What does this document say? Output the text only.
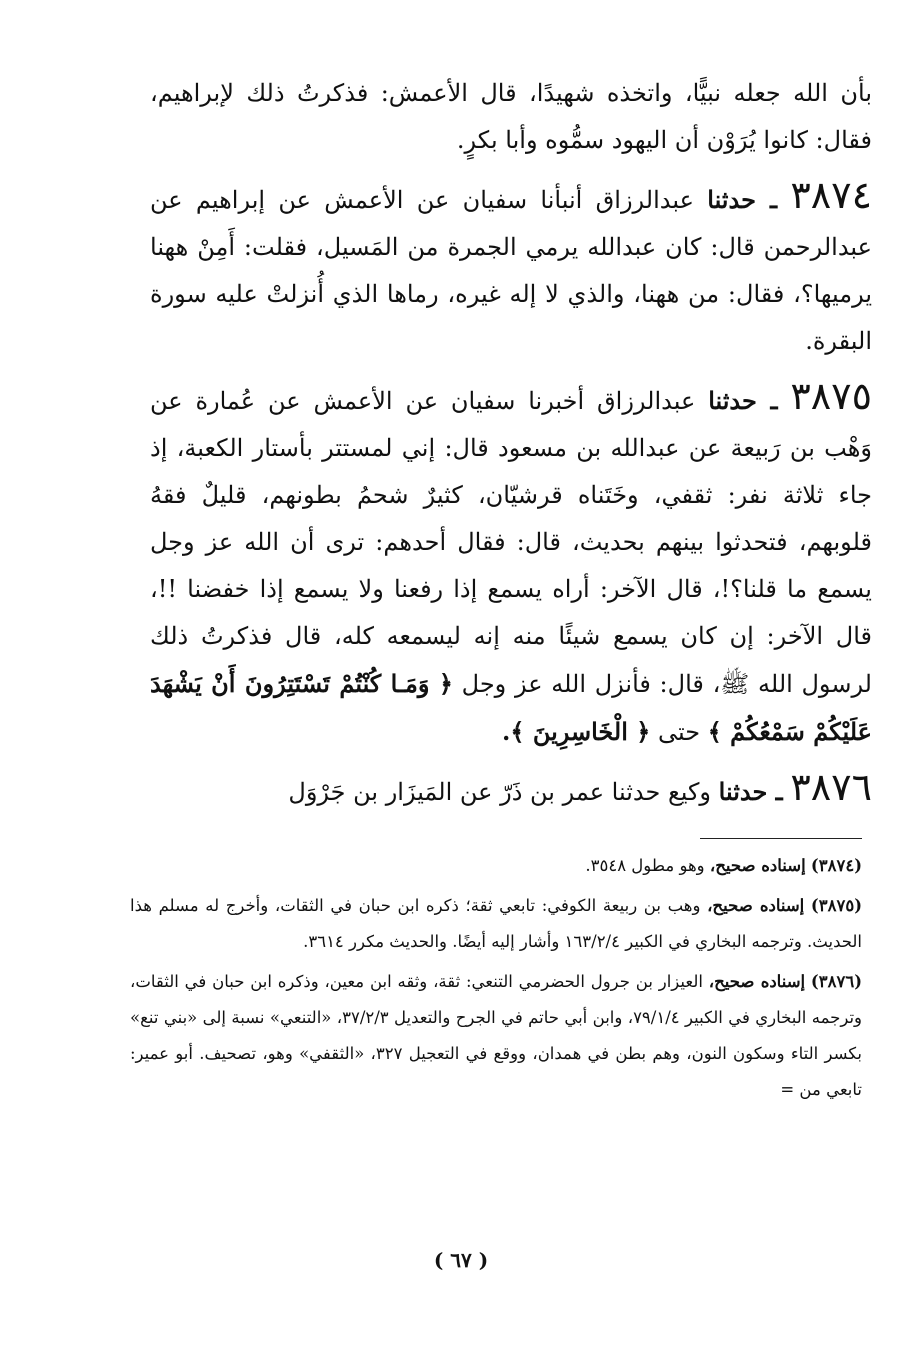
بأن الله جعله نبيًّا، واتخذه شهيدًا، قال الأعمش: فذكرتُ ذلك لإبراهيم، فقال: كانوا يُرَوْن أن اليهود سمُّوه وأبا بكرٍ.

٣٨٧٤ ـ حدثنا عبدالرزاق أنبأنا سفيان عن الأعمش عن إبراهيم عن عبدالرحمن قال: كان عبدالله يرمي الجمرة من المَسيل، فقلت: أَمِنْ ههنا يرميها؟، فقال: من ههنا، والذي لا إله غيره، رماها الذي أُنزلتْ عليه سورة البقرة.

٣٨٧٥ ـ حدثنا عبدالرزاق أخبرنا سفيان عن الأعمش عن عُمارة عن وَهْب بن رَبيعة عن عبدالله بن مسعود قال: إني لمستتر بأستار الكعبة، إذ جاء ثلاثة نفر: ثقفي، وخَتَناه قرشيّان، كثيرٌ شحمُ بطونهم، قليلٌ فقهُ قلوبهم، فتحدثوا بينهم بحديث، قال: فقال أحدهم: ترى أن الله عز وجل يسمع ما قلنا؟!، قال الآخر: أراه يسمع إذا رفعنا ولا يسمع إذا خفضنا !!، قال الآخر: إن كان يسمع شيئًا منه إنه ليسمعه كله، قال فذكرتُ ذلك لرسول الله ﷺ، قال: فأنزل الله عز وجل ﴿ وَمَـا كُنْتُمْ تَسْتَتِرُونَ أَنْ يَشْهَدَ عَلَيْكُمْ سَمْعُكُمْ ﴾ حتى ﴿ الْخَاسِرِينَ ﴾.

٣٨٧٦ ـ حدثنا وكيع حدثنا عمر بن ذَرّ عن المَيزَار بن جَرْوَل

(٣٨٧٤) إسناده صحيح، وهو مطول ٣٥٤٨.

(٣٨٧٥) إسناده صحيح، وهب بن ربيعة الكوفي: تابعي ثقة؛ ذكره ابن حبان في الثقات، وأخرج له مسلم هذا الحديث. وترجمه البخاري في الكبير ١٦٣/٢/٤ وأشار إليه أيضًا. والحديث مكرر ٣٦١٤.

(٣٨٧٦) إسناده صحيح، العيزار بن جرول الحضرمي التنعي: ثقة، وثقه ابن معين، وذكره ابن حبان في الثقات، وترجمه البخاري في الكبير ٧٩/١/٤، وابن أبي حاتم في الجرح والتعديل ٣٧/٢/٣، «التنعي» نسبة إلى «بني تنع» بكسر التاء وسكون النون، وهم بطن في همدان، ووقع في التعجيل ٣٢٧، «الثقفي» وهو، تصحيف. أبو عمير: تابعي من =

( ٦٧ )
